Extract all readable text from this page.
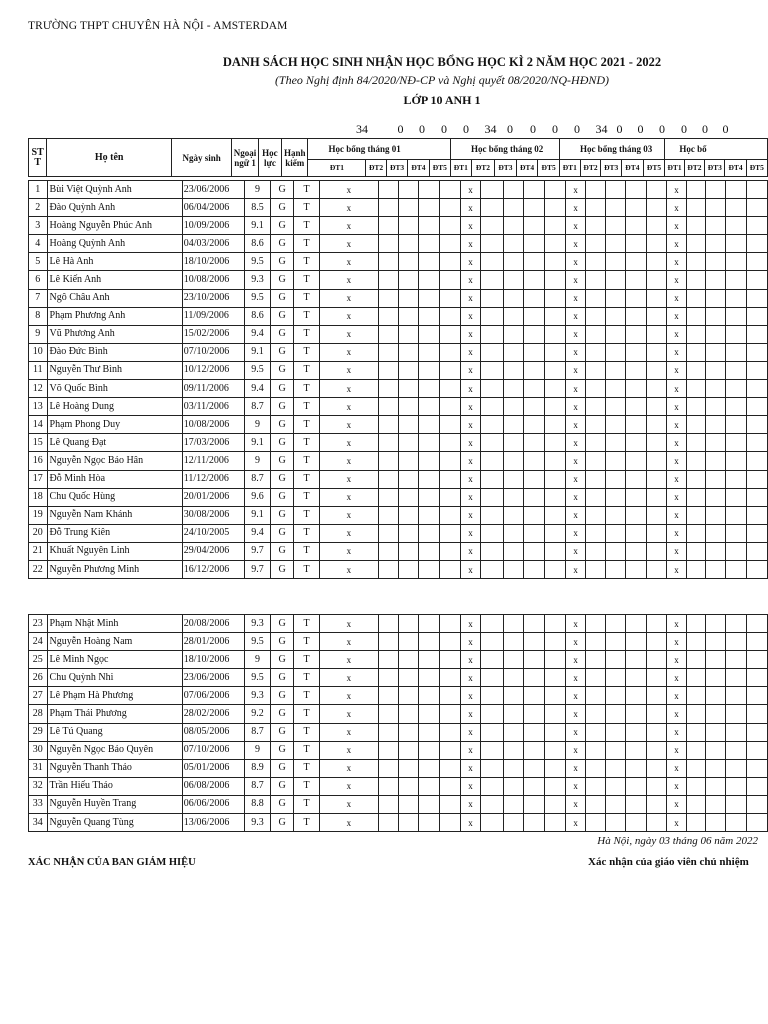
TRƯỜNG THPT CHUYÊN HÀ NỘI - AMSTERDAM
DANH SÁCH HỌC SINH NHẬN HỌC BỔNG HỌC KÌ 2 NĂM HỌC 2021 - 2022
(Theo Nghị định 84/2020/NĐ-CP và Nghị quyết 08/2020/NQ-HĐND)
LỚP 10 ANH 1
34 0 0 0 0 34 0 0 0 0 34 0 0 0 0 0 0
ST
T	Họ tên	Ngày sinh	Ngoại
ngữ 1	Học
lực	Hạnh
kiểm	Học bổng tháng 01					Học bổng tháng 02					Học bổng tháng 03					Học bổ				
						ĐT1	ĐT2	ĐT3	ĐT4	ĐT5	ĐT1	ĐT2	ĐT3	ĐT4	ĐT5	ĐT1	ĐT2	ĐT3	ĐT4	ĐT5	ĐT1	ĐT2	ĐT3	ĐT4	ĐT5
1	Bùi Việt Quỳnh Anh	23/06/2006	9	G	T	x					x					x					x				
2	Đào Quỳnh Anh	06/04/2006	8.5	G	T	x					x					x					x				
3	Hoàng Nguyễn Phúc Anh	10/09/2006	9.1	G	T	x					x					x					x				
4	Hoàng Quỳnh Anh	04/03/2006	8.6	G	T	x					x					x					x				
5	Lê Hà Anh	18/10/2006	9.5	G	T	x					x					x					x				
6	Lê Kiến Anh	10/08/2006	9.3	G	T	x					x					x					x				
7	Ngô Châu Anh	23/10/2006	9.5	G	T	x					x					x					x				
8	Phạm Phương Anh	11/09/2006	8.6	G	T	x					x					x					x				
9	Vũ Phương Anh	15/02/2006	9.4	G	T	x					x					x					x				
10	Đào Đức Bình	07/10/2006	9.1	G	T	x					x					x					x				
11	Nguyễn Thư Bình	10/12/2006	9.5	G	T	x					x					x					x				
12	Võ Quốc Bình	09/11/2006	9.4	G	T	x					x					x					x				
13	Lê Hoàng Dung	03/11/2006	8.7	G	T	x					x					x					x				
14	Phạm Phong Duy	10/08/2006	9	G	T	x					x					x					x				
15	Lê Quang Đạt	17/03/2006	9.1	G	T	x					x					x					x				
16	Nguyễn Ngọc Bảo Hân	12/11/2006	9	G	T	x					x					x					x				
17	Đỗ Minh Hòa	11/12/2006	8.7	G	T	x					x					x					x				
18	Chu Quốc Hùng	20/01/2006	9.6	G	T	x					x					x					x				
19	Nguyễn Nam Khánh	30/08/2006	9.1	G	T	x					x					x					x				
20	Đỗ Trung Kiên	24/10/2005	9.4	G	T	x					x					x					x				
21	Khuất Nguyên Linh	29/04/2006	9.7	G	T	x					x					x					x				
22	Nguyễn Phương Minh	16/12/2006	9.7	G	T	x					x					x					x				
23	Phạm Nhật Minh	20/08/2006	9.3	G	T	x					x					x					x				
24	Nguyễn Hoàng Nam	28/01/2006	9.5	G	T	x					x					x					x				
25	Lê Minh Ngọc	18/10/2006	9	G	T	x					x					x					x				
26	Chu Quỳnh Nhi	23/06/2006	9.5	G	T	x					x					x					x				
27	Lê Phạm Hà Phương	07/06/2006	9.3	G	T	x					x					x					x				
28	Phạm Thái Phương	28/02/2006	9.2	G	T	x					x					x					x				
29	Lê Tú Quang	08/05/2006	8.7	G	T	x					x					x					x				
30	Nguyễn Ngọc Bảo Quyên	07/10/2006	9	G	T	x					x					x					x				
31	Nguyễn Thanh Thảo	05/01/2006	8.9	G	T	x					x					x					x				
32	Trần Hiếu Thảo	06/08/2006	8.7	G	T	x					x					x					x				
33	Nguyễn Huyền Trang	06/06/2006	8.8	G	T	x					x					x					x				
34	Nguyễn Quang Tùng	13/06/2006	9.3	G	T	x					x					x					x				
Hà Nội, ngày 03 tháng 06 năm 2022
XÁC NHẬN CỦA BAN GIÁM HIỆU	Xác nhận của giáo viên chủ nhiệm
